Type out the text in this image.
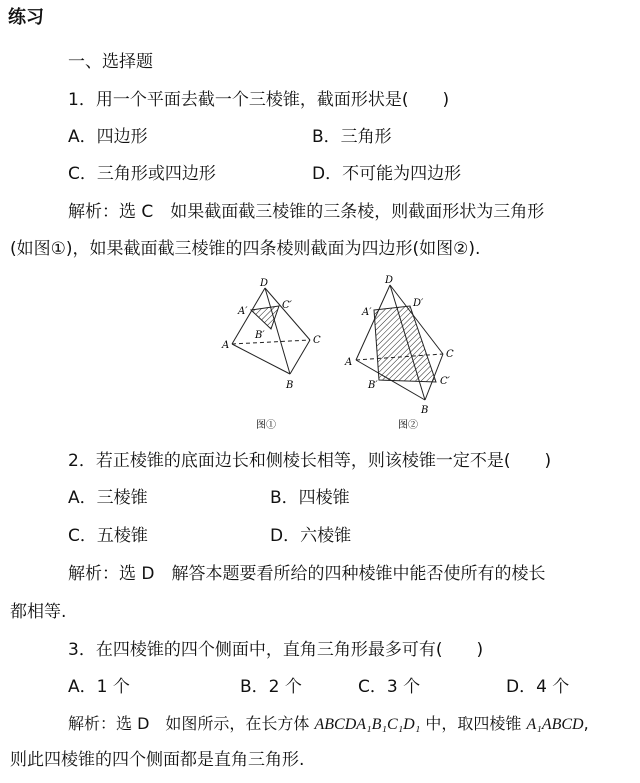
练习
一、选择题
1．用一个平面去截一个三棱锥，截面形状是(　　)
A．四边形	B．三角形
C．三角形或四边形	D．不可能为四边形
解析：选 C　如果截面截三棱锥的三条棱，则截面形状为三角形
(如图①)，如果截面截三棱锥的四条棱则截面为四边形(如图②).
D
A′
C′
B′
A
B
C
图①
D
A′
D′
A
C
B′	C′
B
图②
2．若正棱锥的底面边长和侧棱长相等，则该棱锥一定不是(　　)
A．三棱锥	B．四棱锥
C．五棱锥	D．六棱锥
解析：选 D　解答本题要看所给的四种棱锥中能否使所有的棱长
都相等.
3．在四棱锥的四个侧面中，直角三角形最多可有(　　)
A．1 个	B．2 个	C．3 个	D．4 个
解析：选 D　如图所示，在长方体 ABCDA₁B₁C₁D₁ 中，取四棱锥 A₁ABCD,
则此四棱锥的四个侧面都是直角三角形.
